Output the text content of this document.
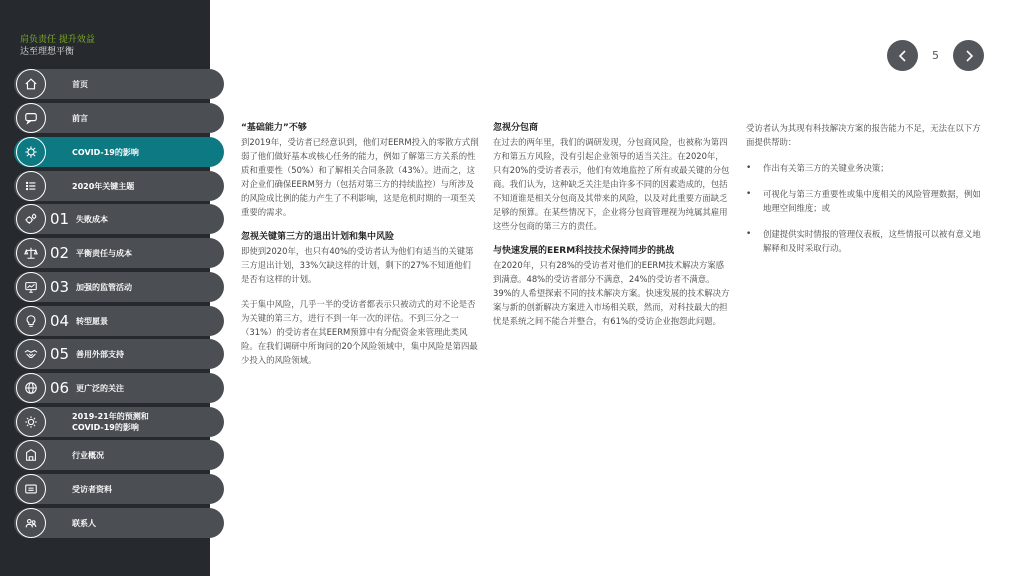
肩负责任 提升效益
达至理想平衡
首页
前言
COVID-19的影响
2020年关键主题
01 失败成本
02 平衡责任与成本
03 加强的监管活动
04 转型愿景
05 善用外部支持
06 更广泛的关注
2019-21年的预测和
COVID-19的影响
行业概况
受访者资料
联系人
5
“基础能力”不够

到2019年，受访者已经意识到，他们对EERM投入的零散方式削弱了他们做好基本或核心任务的能力，例如了解第三方关系的性质和重要性（50%）和了解相关合同条款（43%）。进而之，这对企业们确保EERM努力（包括对第三方的持续监控）与所涉及的风险成比例的能力产生了不利影响，这是危机时期的一项至关重要的需求。

忽视关键第三方的退出计划和集中风险

即使到2020年，也只有40%的受访者认为他们有适当的关键第三方退出计划，33%欠缺这样的计划，剩下的27%不知道他们是否有这样的计划。

关于集中风险，几乎一半的受访者都表示只被动式的对不论是否为关键的第三方，进行不到一年一次的评估。不到三分之一（31%）的受访者在其EERM预算中有分配资金来管理此类风险。在我们调研中所询问的20个风险领域中，集中风险是第四最少投入的风险领域。

忽视分包商

在过去的两年里，我们的调研发现，分包商风险，也被称为第四方和第五方风险，没有引起企业领导的适当关注。在2020年，只有20%的受访者表示，他们有效地监控了所有或最关键的分包商。我们认为，这种缺乏关注是由许多不同的因素造成的，包括不知道谁是相关分包商及其带来的风险，以及对此重要方面缺乏足够的预算。在某些情况下，企业将分包商管理视为纯属其雇用这些分包商的第三方的责任。

与快速发展的EERM科技技术保持同步的挑战

在2020年，只有28%的受访者对他们的EERM技术解决方案感到满意。48%的受访者部分不满意，24%的受访者不满意。39%的人希望探索不同的技术解决方案。快速发展的技术解决方案与新的创新解决方案进入市场相关联，然而，对科技最大的担忧是系统之间不能合并整合，有61%的受访企业抱怨此问题。

受访者认为其现有科技解决方案的报告能力不足，无法在以下方面提供帮助：

• 作出有关第三方的关键业务决策；
• 可视化与第三方重要性或集中度相关的风险管理数据，例如地理空间维度；或
• 创建提供实时情报的管理仪表板，这些情报可以被有意义地解释和及时采取行动。
